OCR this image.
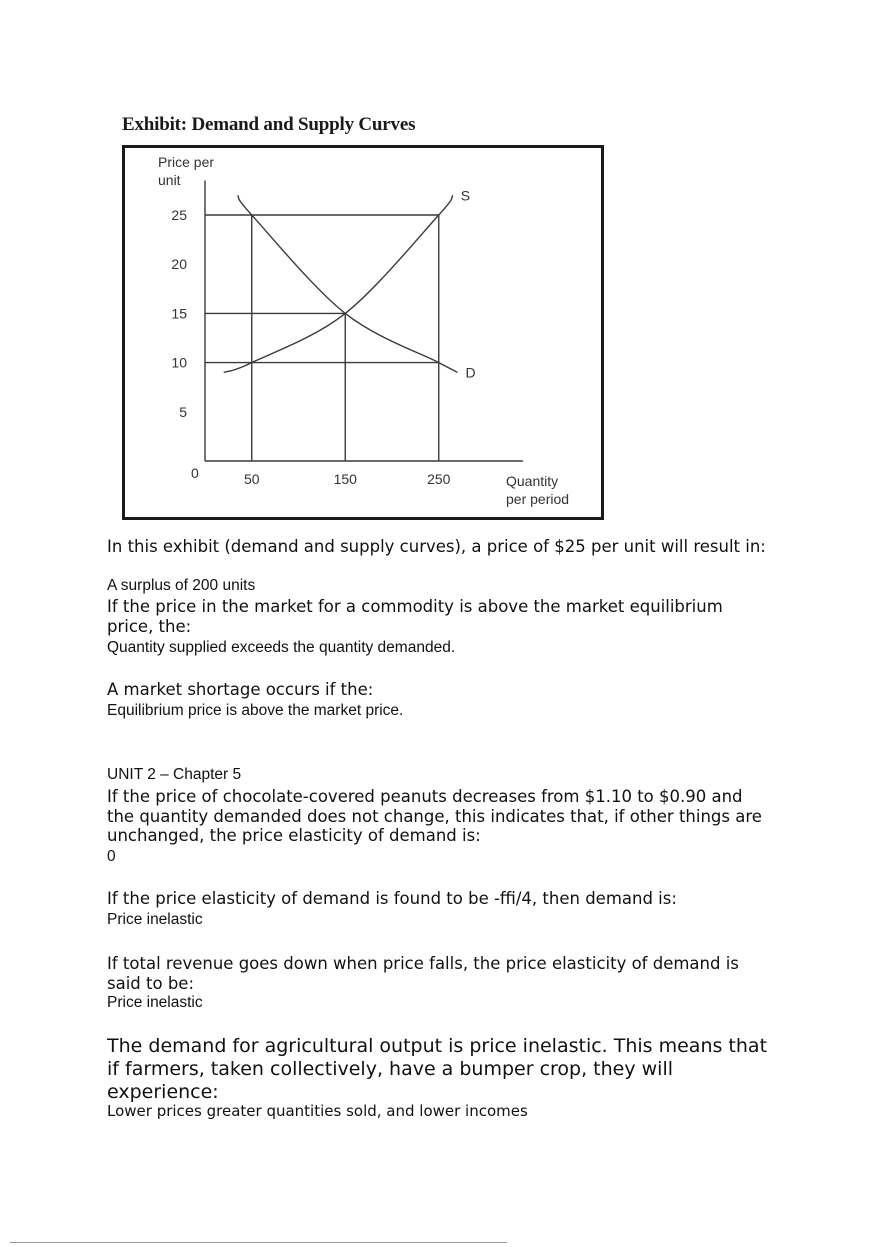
Exhibit: Demand and Supply Curves
Price per
unit
Quantity
per period
0
S
D
25
20
15
10
5
50	150	250

In this exhibit (demand and supply curves), a price of $25 per unit will result in:

A surplus of 200 units

If the price in the market for a commodity is above the market equilibrium price, the:

Quantity supplied exceeds the quantity demanded.

A market shortage occurs if the:

Equilibrium price is above the market price.

UNIT 2 – Chapter 5

If the price of chocolate-covered peanuts decreases from $1.10 to $0.90 and the quantity demanded does not change, this indicates that, if other things are unchanged, the price elasticity of demand is:

0

If the price elasticity of demand is found to be -ﬃ/4, then demand is:

Price inelastic

If total revenue goes down when price falls, the price elasticity of demand is said to be:

Price inelastic

The demand for agricultural output is price inelastic. This means that if farmers, taken collectively, have a bumper crop, they will experience:

Lower prices greater quantities sold, and lower incomes
